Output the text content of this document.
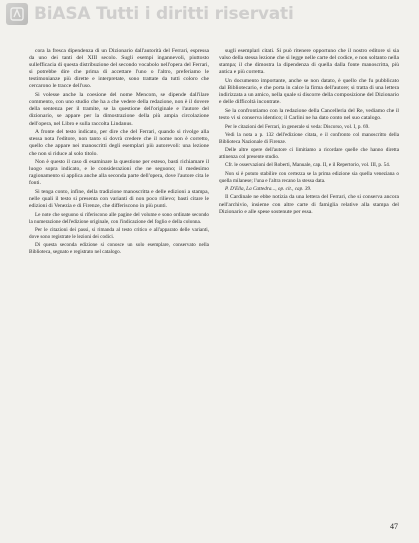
BiASA Tutti i diritti riservati

cora la fresca dipendenza di un Dizionario dall'autorità del Ferrari, espressa da uno dei tanti del XIII secolo. Sugli esempi ingannevoli, piuttosto sullefficacia di questa distribuzione del secondo vocabolo nell'opera del Ferrari, si potrebbe dire che prima di accettare l'uno o l'altro, preferiamo le testimonianze più dirette e interpretate, sono trattate da tutti coloro che cercarono le tracce dell'uso.

Si volesse anche la coesione del nome Mencom, se dipende dall'ilare commento, con uno studio che ha a che vedere della redazione, non è il dovere della sentenza per il tramite, se la questione dell'originale e l'autore del dizionario, se appare per la dimostrazione della più ampia circolazione dell'opera, nel Libro e sulla raccolta Lindanus.

A fronte del testo indicato, per dire che del Ferrari, quando si rivolge alla stessa nota l'editore, non tanto si dovrà credere che il nome non è corretto, quello che appare nei manoscritti degli esemplari più autorevoli: una lezione che non si riduce al solo titolo.

Non è questo il caso di esaminare la questione per esteso, basti richiamare il luogo sopra indicato, e le considerazioni che ne seguono; il medesimo ragionamento si applica anche alla seconda parte dell'opera, dove l'autore cita le fonti.

Si tenga conto, infine, della tradizione manoscritta e delle edizioni a stampa, nelle quali il testo si presenta con varianti di non poco rilievo; basti citare le edizioni di Venezia e di Firenze, che differiscono in più punti.

Le note che seguono si riferiscono alle pagine del volume e sono ordinate secondo la numerazione dell'edizione originale, con l'indicazione del foglio e della colonna.

Per le citazioni dei passi, si rimanda al testo critico e all'apparato delle varianti, dove sono registrate le lezioni dei codici.

Di questa seconda edizione si conosce un solo esemplare, conservato nella Biblioteca, segnato e registrato nel catalogo.

sugli esemplari citati. Si può ritenere opportuno che il nostro editore si sia valso della stessa lezione che si legge nelle carte del codice, e non soltanto nella stampa; il che dimostra la dipendenza di quella dalla fonte manoscritta, più antica e più corretta.

Un documento importante, anche se non datato, è quello che fu pubblicato dal Bibliotecario, e che porta in calce la firma dell'autore; si tratta di una lettera indirizzata a un amico, nella quale si discorre della composizione del Dizionario e delle difficoltà incontrate.

Se la confrontiamo con la redazione della Cancelleria del Re, vediamo che il testo vi si conserva identico; il Carlini ne ha dato conto nel suo catalogo.

Per le citazioni del Ferrari, in generale si veda: Discorso, vol. I, p. 69.

Vedi la nota a p. 132 dell'edizione citata, e il confronto col manoscritto della Biblioteca Nazionale di Firenze.

Delle altre opere dell'autore ci limitiamo a ricordare quelle che hanno diretta attinenza col presente studio.

Cfr. le osservazioni del Roberti, Manuale, cap. II, e il Repertorio, vol. III, p. 54.

Non si è potuto stabilire con certezza se la prima edizione sia quella veneziana o quella milanese; l'una e l'altra recano la stessa data.

P. D'Ella, La Cattedra..., op. cit., cap. 39.

Il Cardinale ne ebbe notizia da una lettera del Ferrari, che si conserva ancora nell'archivio, insieme con altre carte di famiglia relative alla stampa del Dizionario e alle spese sostenute per essa.

47
